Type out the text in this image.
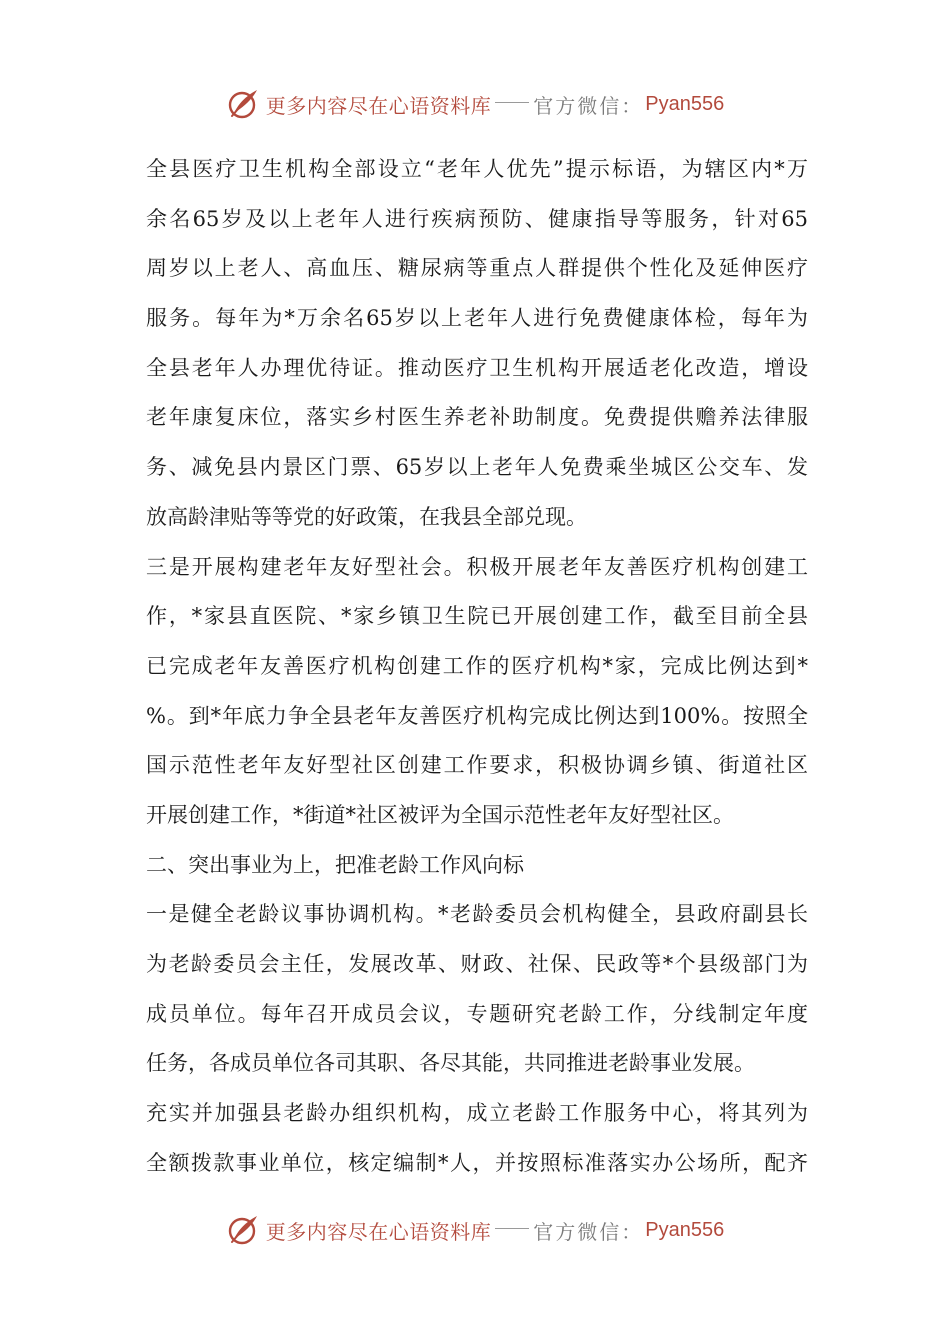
更多内容尽在心语资料库 官方微信： Pyan556
全县医疗卫生机构全部设立“老年人优先”提示标语，为辖区内*万
余名65岁及以上老年人进行疾病预防、健康指导等服务，针对65
周岁以上老人、高血压、糖尿病等重点人群提供个性化及延伸医疗
服务。每年为*万余名65岁以上老年人进行免费健康体检，每年为
全县老年人办理优待证。推动医疗卫生机构开展适老化改造，增设
老年康复床位，落实乡村医生养老补助制度。免费提供赡养法律服
务、减免县内景区门票、65岁以上老年人免费乘坐城区公交车、发
放高龄津贴等等党的好政策，在我县全部兑现。
三是开展构建老年友好型社会。积极开展老年友善医疗机构创建工
作，*家县直医院、*家乡镇卫生院已开展创建工作，截至目前全县
已完成老年友善医疗机构创建工作的医疗机构*家，完成比例达到*
%。到*年底力争全县老年友善医疗机构完成比例达到100%。按照全
国示范性老年友好型社区创建工作要求，积极协调乡镇、街道社区
开展创建工作，*街道*社区被评为全国示范性老年友好型社区。
二、突出事业为上，把准老龄工作风向标
一是健全老龄议事协调机构。*老龄委员会机构健全，县政府副县长
为老龄委员会主任，发展改革、财政、社保、民政等*个县级部门为
成员单位。每年召开成员会议，专题研究老龄工作，分线制定年度
任务，各成员单位各司其职、各尽其能，共同推进老龄事业发展。
充实并加强县老龄办组织机构，成立老龄工作服务中心，将其列为
全额拨款事业单位，核定编制*人，并按照标准落实办公场所，配齐
更多内容尽在心语资料库 官方微信： Pyan556
